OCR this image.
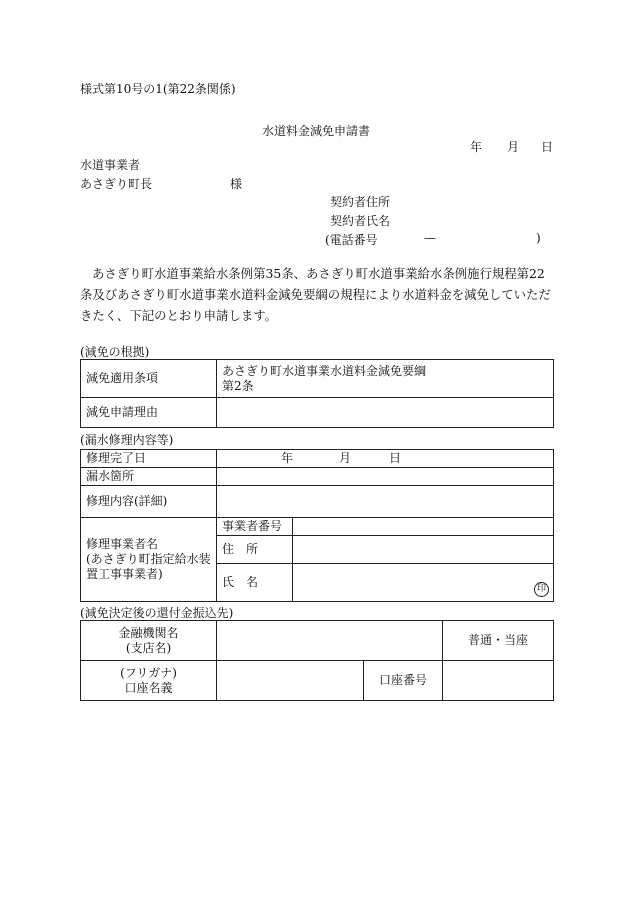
様式第10号の1(第22条関係)
水道料金減免申請書
年 月 日
水道事業者
あさぎり町長	様
契約者住所
契約者氏名
(電話番号	—	)
あさぎり町水道事業給水条例第35条、あさぎり町水道事業給水条例施行規程第22条及びあさぎり町水道事業水道料金減免要綱の規程により水道料金を減免していただきたく、下記のとおり申請します。
(減免の根拠)
減免適用条項	あさぎり町水道事業水道料金減免要綱
第2条

減免申請理由	
(漏水修理内容等)
修理完了日	年 月 日	
漏水箇所		
修理内容(詳細)		

修理事業者名
(あさぎり町指定給水装
置工事事業者)	事業者番号	
	住　所	
	氏　名	印
(減免決定後の還付金振込先)
金融機関名
(支店名)			普通・当座

(フリガナ)
口座名義		口座番号	
